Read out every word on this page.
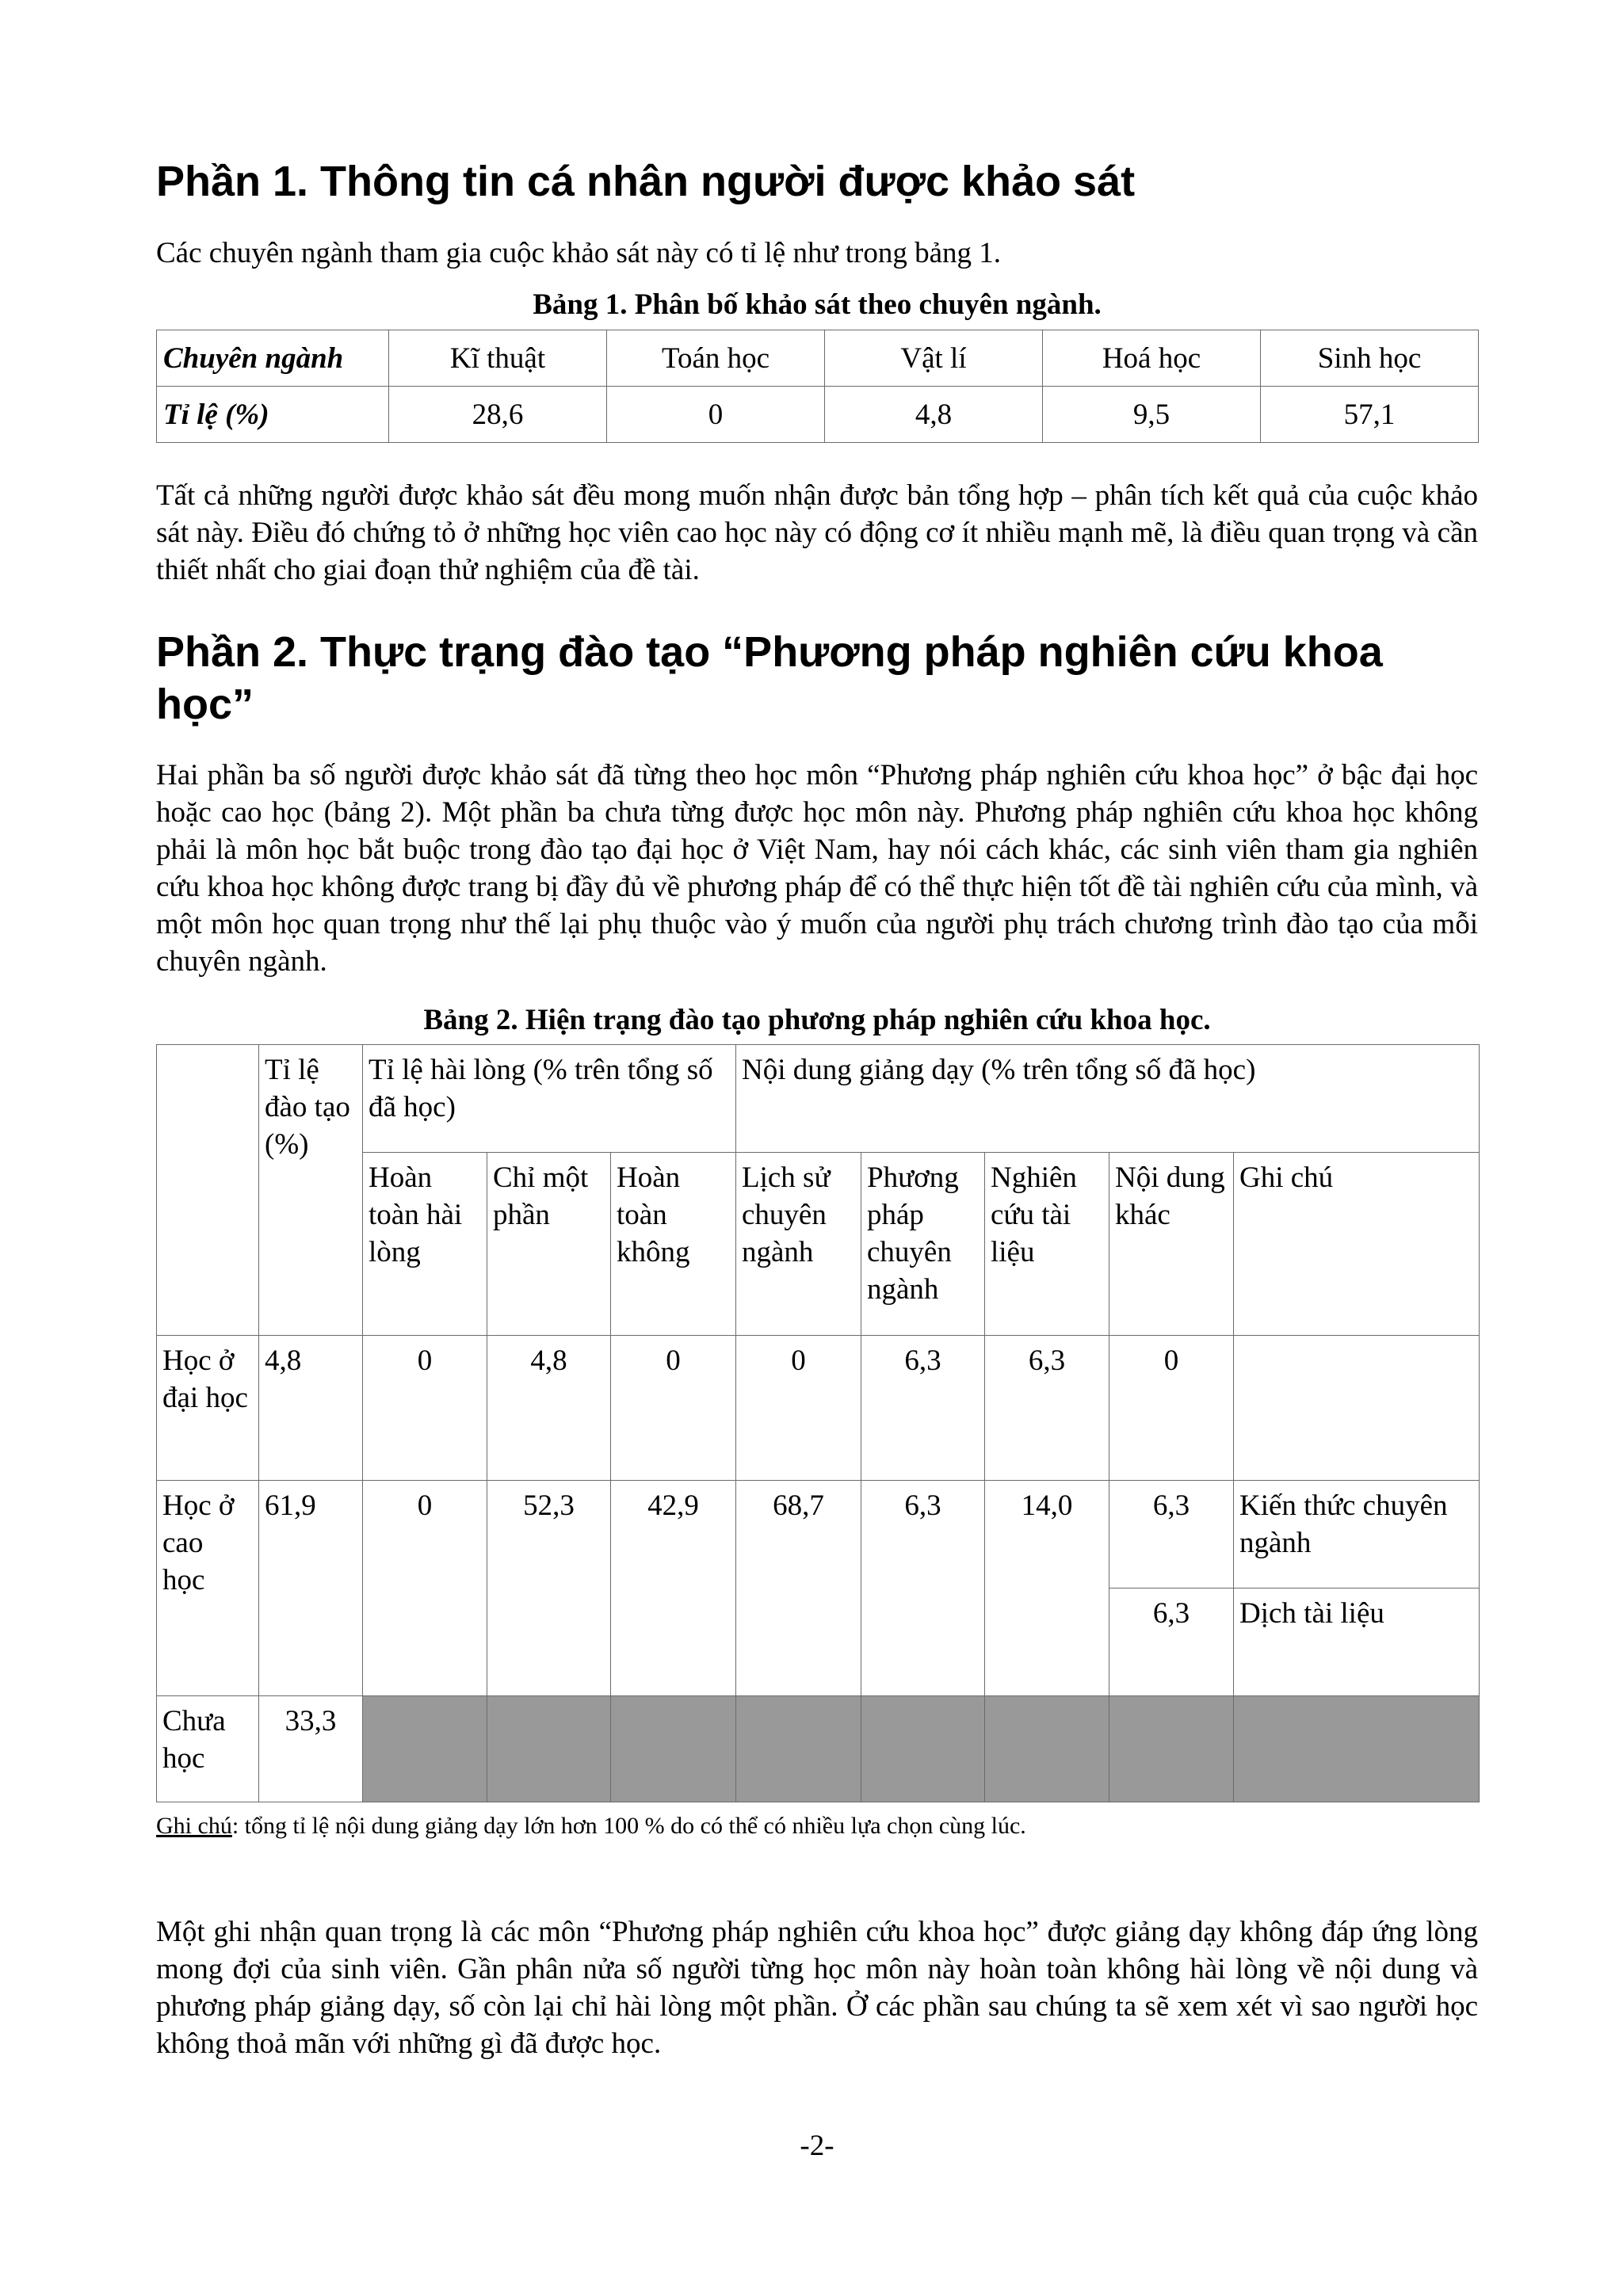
Phần 1. Thông tin cá nhân người được khảo sát

Các chuyên ngành tham gia cuộc khảo sát này có tỉ lệ như trong bảng 1.

Bảng 1. Phân bố khảo sát theo chuyên ngành.
Chuyên ngành	Kĩ thuật	Toán học	Vật lí	Hoá học	Sinh học
Tỉ lệ (%)	28,6	0	4,8	9,5	57,1

Tất cả những người được khảo sát đều mong muốn nhận được bản tổng hợp – phân tích kết quả của cuộc khảo sát này. Điều đó chứng tỏ ở những học viên cao học này có động cơ ít nhiều mạnh mẽ, là điều quan trọng và cần thiết nhất cho giai đoạn thử nghiệm của đề tài.

Phần 2. Thực trạng đào tạo “Phương pháp nghiên cứu khoa học”

Hai phần ba số người được khảo sát đã từng theo học môn “Phương pháp nghiên cứu khoa học” ở bậc đại học hoặc cao học (bảng 2). Một phần ba chưa từng được học môn này. Phương pháp nghiên cứu khoa học không phải là môn học bắt buộc trong đào tạo đại học ở Việt Nam, hay nói cách khác, các sinh viên tham gia nghiên cứu khoa học không được trang bị đầy đủ về phương pháp để có thể thực hiện tốt đề tài nghiên cứu của mình, và một môn học quan trọng như thế lại phụ thuộc vào ý muốn của người phụ trách chương trình đào tạo của mỗi chuyên ngành.

Bảng 2. Hiện trạng đào tạo phương pháp nghiên cứu khoa học.
	Tỉ lệ đào tạo (%)	Tỉ lệ hài lòng (% trên tổng số đã học)			Nội dung giảng dạy (% trên tổng số đã học)				
		Hoàn toàn hài lòng	Chỉ một phần	Hoàn toàn không	Lịch sử chuyên ngành	Phương pháp chuyên ngành	Nghiên cứu tài liệu	Nội dung khác	Ghi chú
Học ở đại học	4,8	0	4,8	0	0	6,3	6,3	0	
Học ở cao học	61,9	0	52,3	42,9	68,7	6,3	14,0	6,3	Kiến thức chuyên ngành
								6,3	Dịch tài liệu
Chưa học	33,3								
Ghi chú: tổng tỉ lệ nội dung giảng dạy lớn hơn 100 % do có thể có nhiều lựa chọn cùng lúc.

Một ghi nhận quan trọng là các môn “Phương pháp nghiên cứu khoa học” được giảng dạy không đáp ứng lòng mong đợi của sinh viên. Gần phân nửa số người từng học môn này hoàn toàn không hài lòng về nội dung và phương pháp giảng dạy, số còn lại chỉ hài lòng một phần. Ở các phần sau chúng ta sẽ xem xét vì sao người học không thoả mãn với những gì đã được học.

-2-
